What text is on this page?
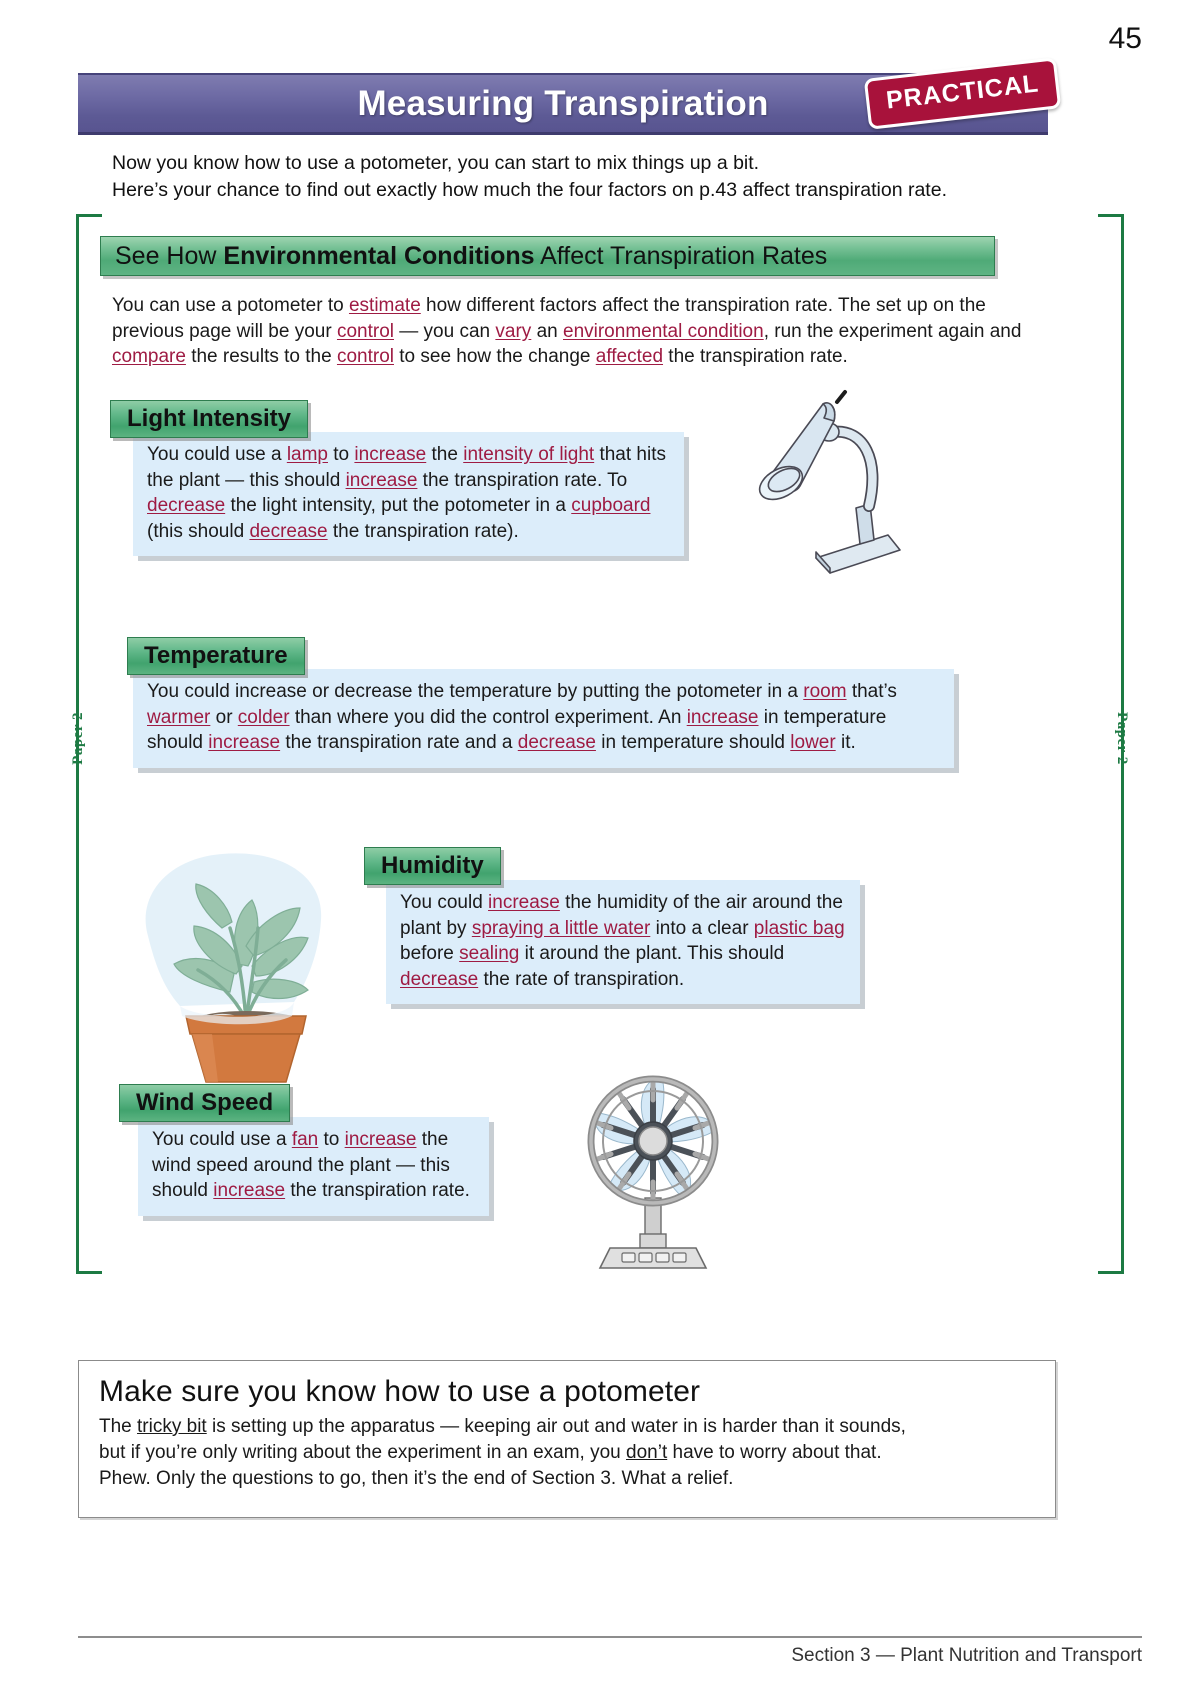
45
Measuring Transpiration	PRACTICAL
Now you know how to use a potometer, you can start to mix things up a bit.
Here’s your chance to find out exactly how much the four factors on p.43 affect transpiration rate.
Paper 2	Paper 2
See How Environmental Conditions Affect Transpiration Rates
You can use a potometer to estimate how different factors affect the transpiration rate. The set up on the previous page will be your control — you can vary an environmental condition, run the experiment again and compare the results to the control to see how the change affected the transpiration rate.
Light Intensity
You could use a lamp to increase the intensity of light that hits the plant — this should increase the transpiration rate. To decrease the light intensity, put the potometer in a cupboard (this should decrease the transpiration rate).
Temperature
You could increase or decrease the temperature by putting the potometer in a room that’s warmer or colder than where you did the control experiment. An increase in temperature should increase the transpiration rate and a decrease in temperature should lower it.
Humidity
You could increase the humidity of the air around the plant by spraying a little water into a clear plastic bag before sealing it around the plant. This should decrease the rate of transpiration.
Wind Speed
You could use a fan to increase the wind speed around the plant — this should increase the transpiration rate.
Make sure you know how to use a potometer

The tricky bit is setting up the apparatus — keeping air out and water in is harder than it sounds,
but if you’re only writing about the experiment in an exam, you don’t have to worry about that.
Phew. Only the questions to go, then it’s the end of Section 3. What a relief.

Section 3 — Plant Nutrition and Transport
